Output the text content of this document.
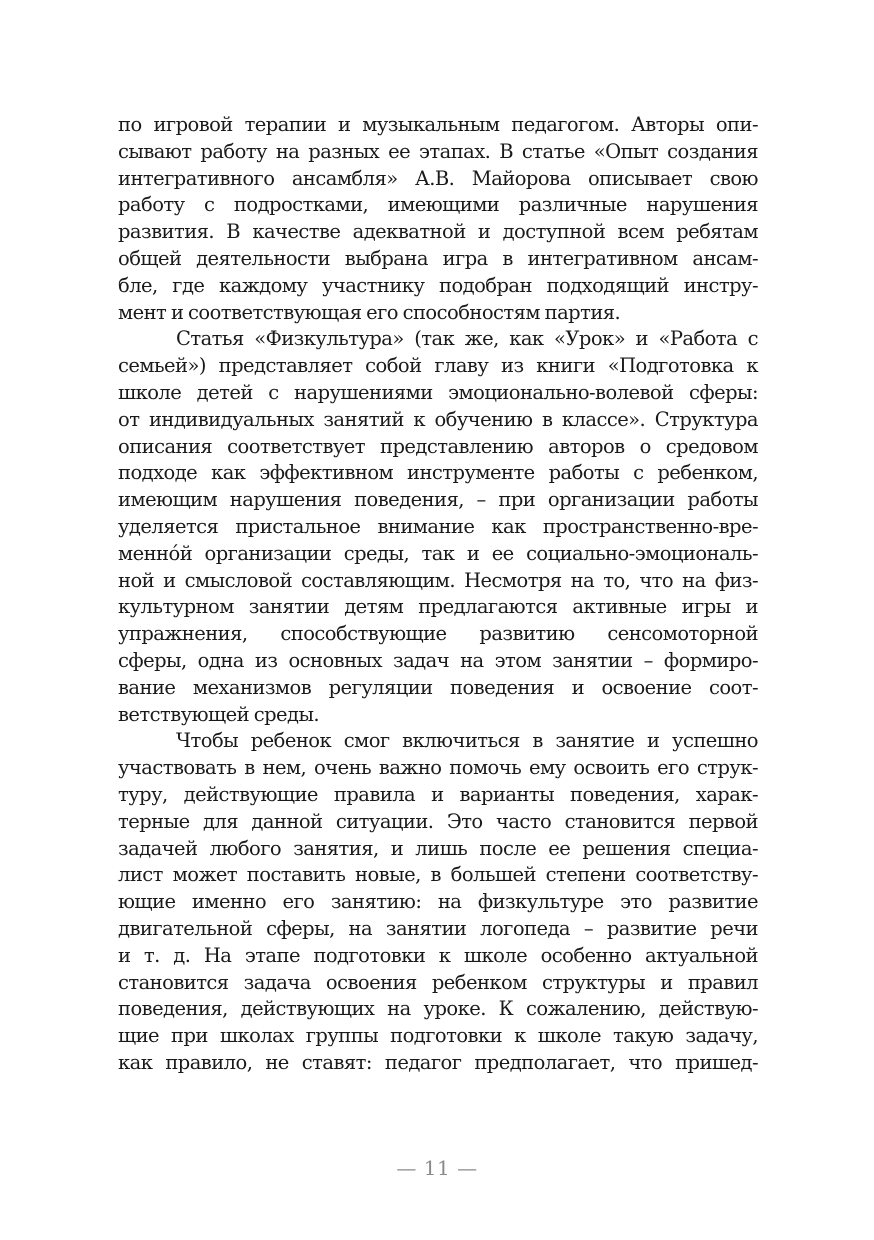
по игровой терапии и музыкальным педагогом. Авторы опи-
сывают работу на разных ее этапах. В статье «Опыт создания
интегративного ансамбля» А.В. Майорова описывает свою
работу с подростками, имеющими различные нарушения
развития. В качестве адекватной и доступной всем ребятам
общей деятельности выбрана игра в интегративном ансам-
бле, где каждому участнику подобран подходящий инстру-
мент и соответствующая его способностям партия.
Статья «Физкультура» (так же, как «Урок» и «Работа с
семьей») представляет собой главу из книги «Подготовка к
школе детей с нарушениями эмоционально-волевой сферы:
от индивидуальных занятий к обучению в классе». Структура
описания соответствует представлению авторов о средовом
подходе как эффективном инструменте работы с ребенком,
имеющим нарушения поведения, – при организации работы
уделяется пристальное внимание как пространственно-вре-
меннóй организации среды, так и ее социально-эмоциональ-
ной и смысловой составляющим. Несмотря на то, что на физ-
культурном занятии детям предлагаются активные игры и
упражнения, способствующие развитию сенсомоторной
сферы, одна из основных задач на этом занятии – формиро-
вание механизмов регуляции поведения и освоение соот-
ветствующей среды.
Чтобы ребенок смог включиться в занятие и успешно
участвовать в нем, очень важно помочь ему освоить его струк-
туру, действующие правила и варианты поведения, харак-
терные для данной ситуации. Это часто становится первой
задачей любого занятия, и лишь после ее решения специа-
лист может поставить новые, в большей степени соответству-
ющие именно его занятию: на физкультуре это развитие
двигательной сферы, на занятии логопеда – развитие речи
и т. д. На этапе подготовки к школе особенно актуальной
становится задача освоения ребенком структуры и правил
поведения, действующих на уроке. К сожалению, действую-
щие при школах группы подготовки к школе такую задачу,
как правило, не ставят: педагог предполагает, что пришед-
— 11 —
